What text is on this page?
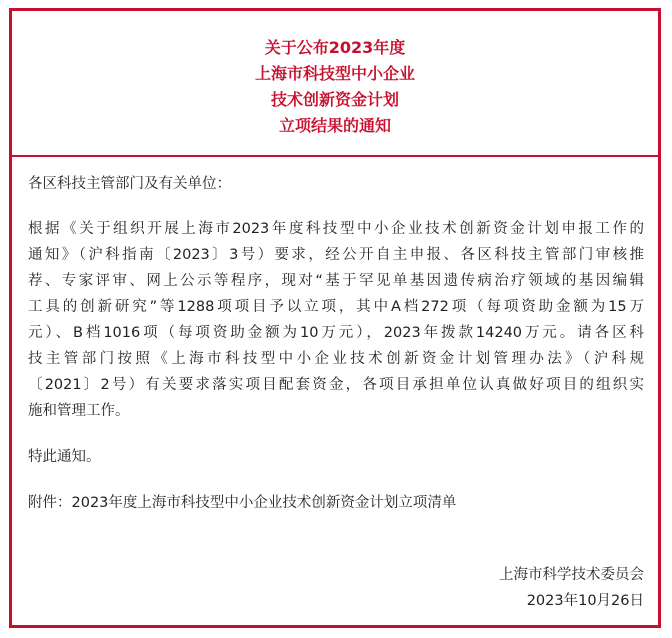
关于公布2023年度
上海市科技型中小企业
技术创新资金计划
立项结果的通知
各区科技主管部门及有关单位：
根据《关于组织开展上海市2023年度科技型中小企业技术创新资金计划申报工作的
通知》（沪科指南〔2023〕3号）要求，经公开自主申报、各区科技主管部门审核推
荐、专家评审、网上公示等程序，现对“基于罕见单基因遗传病治疗领域的基因编辑
工具的创新研究”等1288项项目予以立项，其中A档272项（每项资助金额为15万
元）、B档1016项（每项资助金额为10万元），2023年拨款14240万元。请各区科
技主管部门按照《上海市科技型中小企业技术创新资金计划管理办法》（沪科规
〔2021〕2号）有关要求落实项目配套资金，各项目承担单位认真做好项目的组织实
施和管理工作。
特此通知。
附件：2023年度上海市科技型中小企业技术创新资金计划立项清单
上海市科学技术委员会
2023年10月26日
